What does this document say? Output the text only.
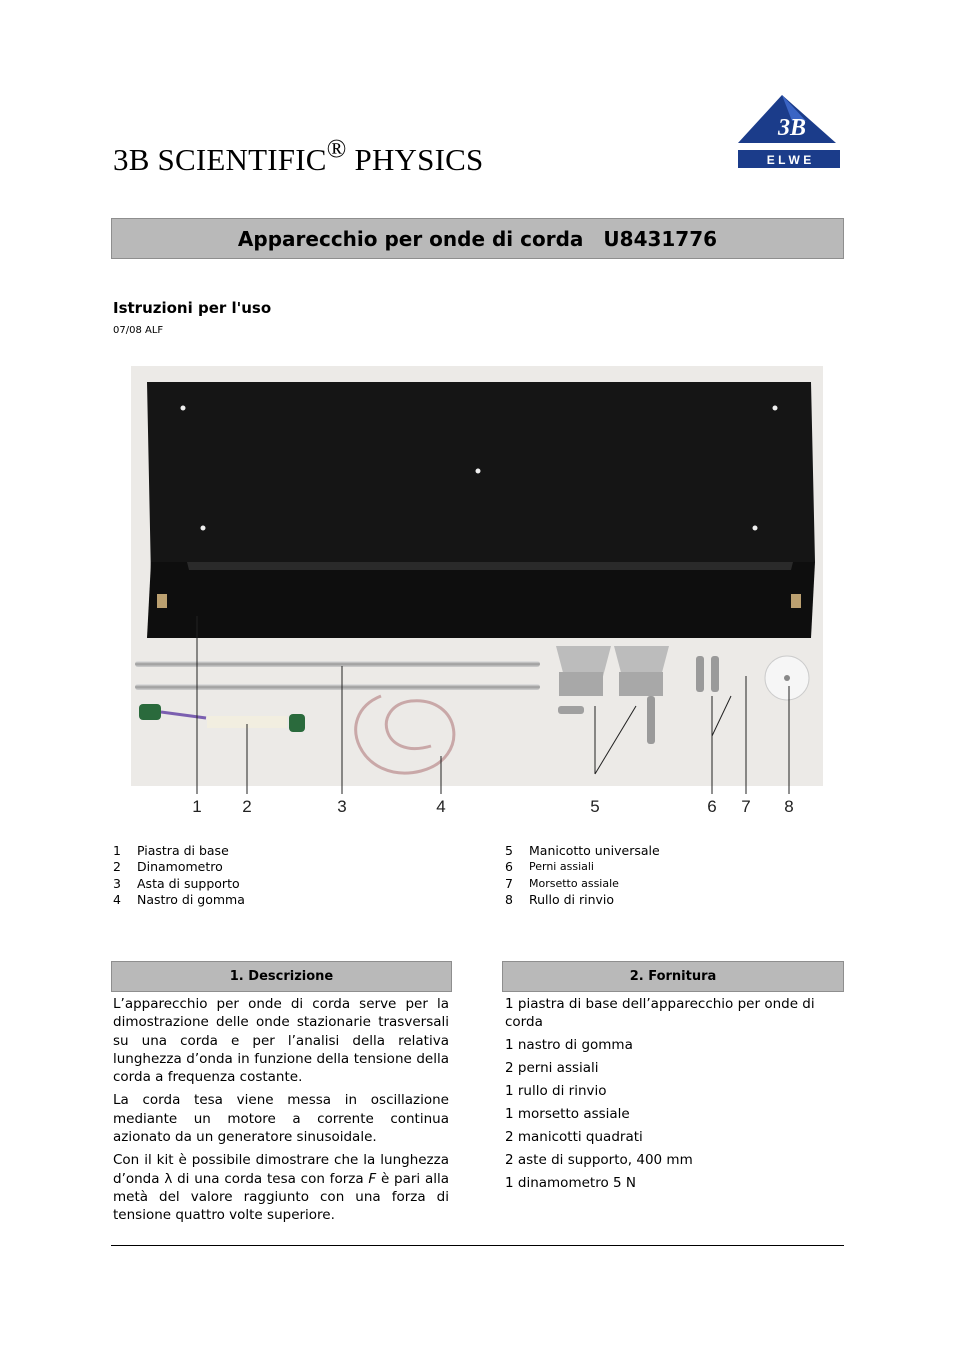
3B SCIENTIFIC® PHYSICS
3B
E L W E
Apparecchio per onde di corda U8431776
Istruzioni per l'uso
07/08 ALF
1 2	3	4	5	6 7 8
1	Piastra di base
2	Dinamometro
3	Asta di supporto
4	Nastro di gomma
5	Manicotto universale
6	Perni assiali
7	Morsetto assiale
8	Rullo di rinvio
1. Descrizione	2. Fornitura

L’apparecchio per onde di corda serve per la dimostrazione delle onde stazionarie trasversali su una corda e per l’analisi della relativa lunghezza d’onda in funzione della tensione della corda a frequenza costante.

La corda tesa viene messa in oscillazione mediante un motore a corrente continua azionato da un generatore sinusoidale.

Con il kit è possibile dimostrare che la lunghezza d’onda λ di una corda tesa con forza F è pari alla metà del valore raggiunto con una forza di tensione quattro volte superiore.

1 piastra di base dell’apparecchio per onde di corda
1 nastro di gomma
2 perni assiali
1 rullo di rinvio
1 morsetto assiale
2 manicotti quadrati
2 aste di supporto, 400 mm
1 dinamometro 5 N
